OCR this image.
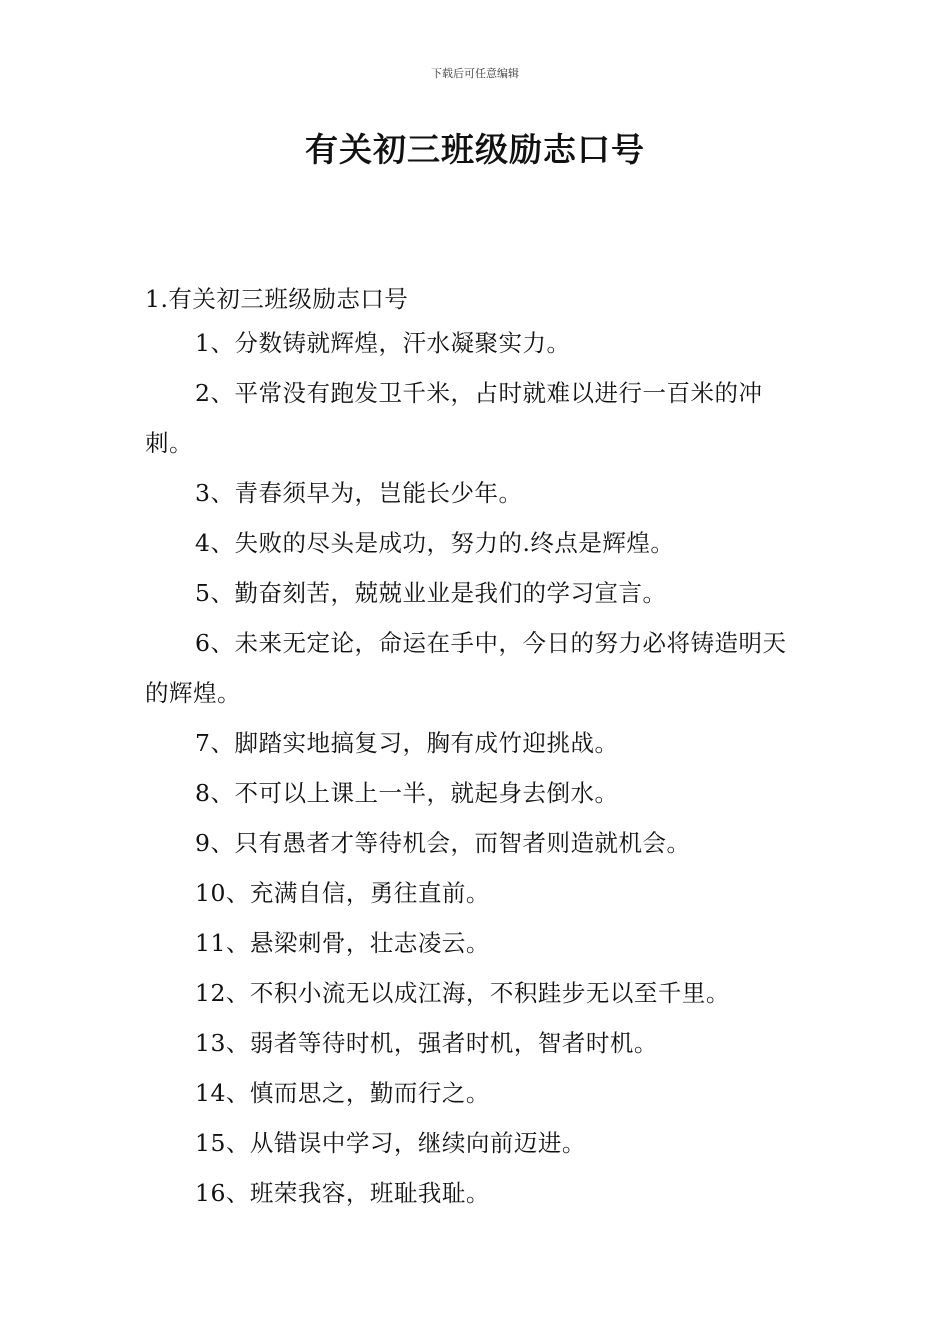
下载后可任意编辑
有关初三班级励志口号

1.有关初三班级励志口号

1、分数铸就辉煌，汗水凝聚实力。

2、平常没有跑发卫千米，占时就难以进行一百米的冲刺。

3、青春须早为，岂能长少年。

4、失败的尽头是成功，努力的.终点是辉煌。

5、勤奋刻苦，兢兢业业是我们的学习宣言。

6、未来无定论，命运在手中，今日的努力必将铸造明天的辉煌。

7、脚踏实地搞复习，胸有成竹迎挑战。

8、不可以上课上一半，就起身去倒水。

9、只有愚者才等待机会，而智者则造就机会。

10、充满自信，勇往直前。

11、悬梁刺骨，壮志凌云。

12、不积小流无以成江海，不积跬步无以至千里。

13、弱者等待时机，强者时机，智者时机。

14、慎而思之，勤而行之。

15、从错误中学习，继续向前迈进。

16、班荣我容，班耻我耻。
